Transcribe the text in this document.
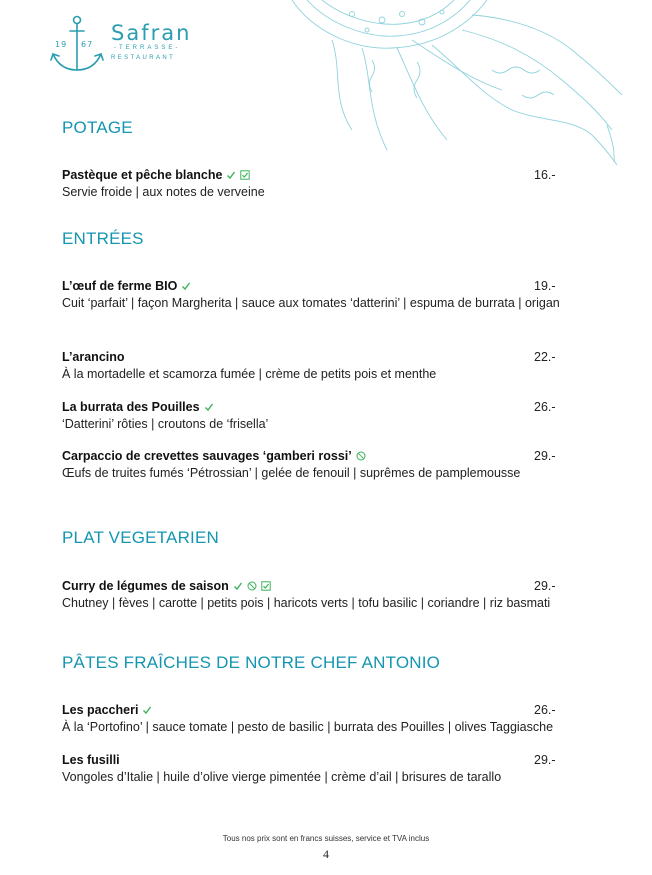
19 67 Safran
-TERRASSE-
RESTAURANT
POTAGE
Pastèque et pêche blanche	16.-
Servie froide | aux notes de verveine
ENTRÉES
L’œuf de ferme BIO	19.-
Cuit ‘parfait’ | façon Margherita | sauce aux tomates ‘datterini’ | espuma de burrata | origan
L’arancino	22.-
À la mortadelle et scamorza fumée | crème de petits pois et menthe
La burrata des Pouilles	26.-
‘Datterini’ rôties | croutons de ‘frisella’
Carpaccio de crevettes sauvages ‘gamberi rossi’	29.-
Œufs de truites fumés ‘Pétrossian’ | gelée de fenouil | suprêmes de pamplemousse
PLAT VEGETARIEN
Curry de légumes de saison	29.-
Chutney | fèves | carotte | petits pois | haricots verts | tofu basilic | coriandre | riz basmati
PÂTES FRAÎCHES DE NOTRE CHEF ANTONIO
Les paccheri	26.-
À la ‘Portofino’ | sauce tomate | pesto de basilic | burrata des Pouilles | olives Taggiasche
Les fusilli	29.-
Vongoles d’Italie | huile d’olive vierge pimentée | crème d’ail | brisures de tarallo
Tous nos prix sont en francs suisses, service et TVA inclus
4
